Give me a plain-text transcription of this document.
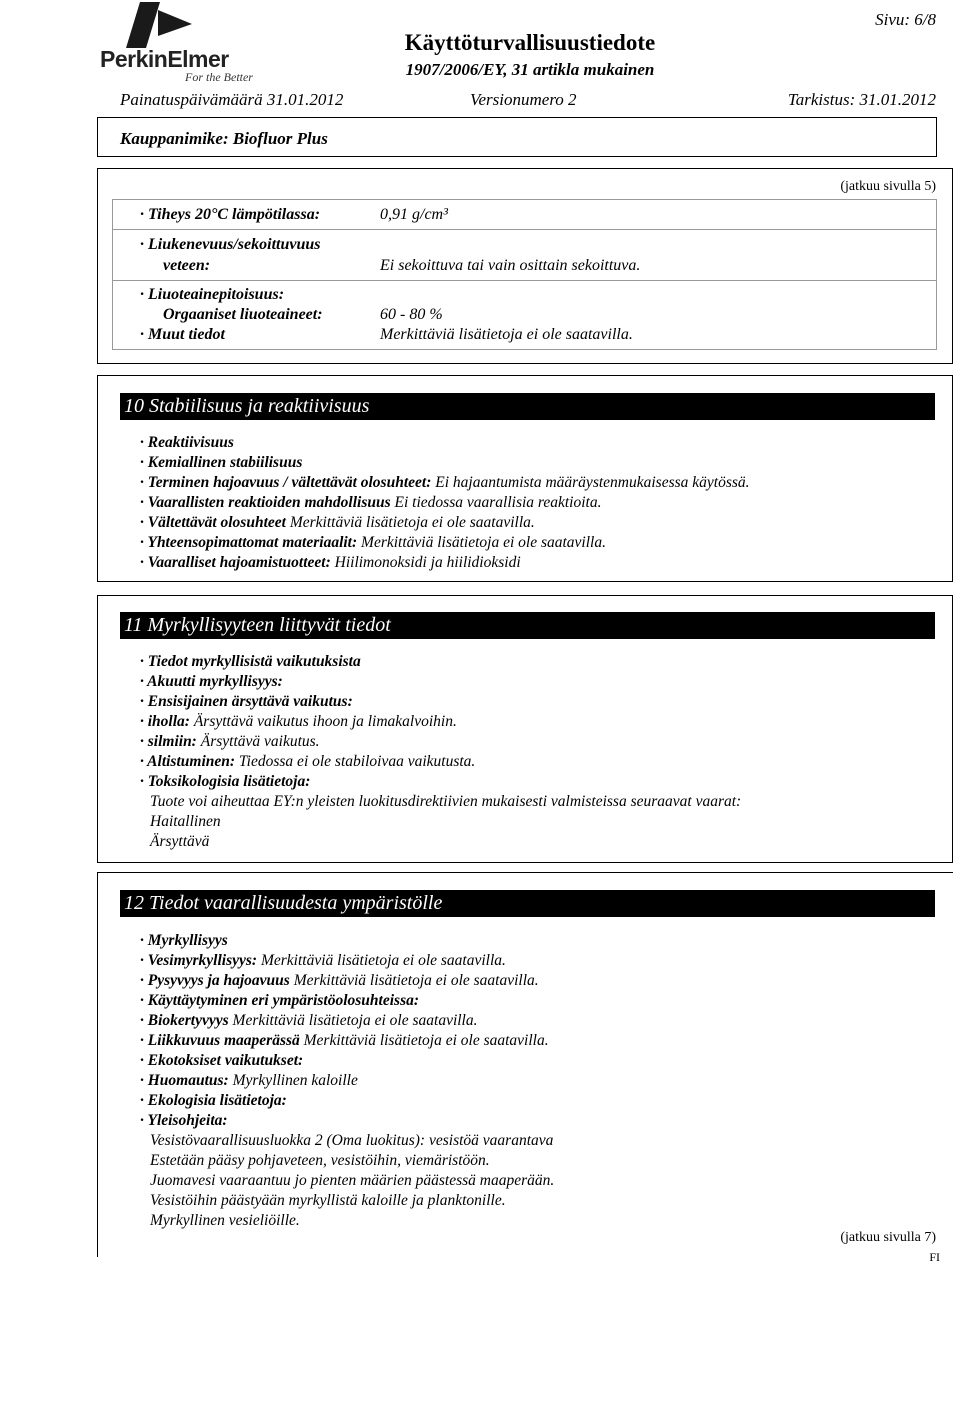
PerkinElmer
For the Better
Sivu: 6/8
Käyttöturvallisuustiedote
1907/2006/EY, 31 artikla mukainen
Painatuspäivämäärä 31.01.2012	Versionumero 2	Tarkistus: 31.01.2012
Kauppanimike: Biofluor Plus
(jatkuu sivulla 5)
· Tiheys 20°C lämpötilassa:	0,91 g/cm³
· Liukenevuus/sekoittuvuus
veteen:	Ei sekoittuva tai vain osittain sekoittuva.
· Liuoteainepitoisuus:
Orgaaniset liuoteaineet:	60 - 80 %
· Muut tiedot	Merkittäviä lisätietoja ei ole saatavilla.
10 Stabiilisuus ja reaktiivisuus
· Reaktiivisuus
· Kemiallinen stabiilisuus
· Terminen hajoavuus / vältettävät olosuhteet: Ei hajaantumista määräystenmukaisessa käytössä.
· Vaarallisten reaktioiden mahdollisuus Ei tiedossa vaarallisia reaktioita.
· Vältettävät olosuhteet Merkittäviä lisätietoja ei ole saatavilla.
· Yhteensopimattomat materiaalit: Merkittäviä lisätietoja ei ole saatavilla.
· Vaaralliset hajoamistuotteet: Hiilimonoksidi ja hiilidioksidi
11 Myrkyllisyyteen liittyvät tiedot
· Tiedot myrkyllisistä vaikutuksista
· Akuutti myrkyllisyys:
· Ensisijainen ärsyttävä vaikutus:
· iholla: Ärsyttävä vaikutus ihoon ja limakalvoihin.
· silmiin: Ärsyttävä vaikutus.
· Altistuminen: Tiedossa ei ole stabiloivaa vaikutusta.
· Toksikologisia lisätietoja:
Tuote voi aiheuttaa EY:n yleisten luokitusdirektiivien mukaisesti valmisteissa seuraavat vaarat:
Haitallinen
Ärsyttävä
12 Tiedot vaarallisuudesta ympäristölle
· Myrkyllisyys
· Vesimyrkyllisyys: Merkittäviä lisätietoja ei ole saatavilla.
· Pysyvyys ja hajoavuus Merkittäviä lisätietoja ei ole saatavilla.
· Käyttäytyminen eri ympäristöolosuhteissa:
· Biokertyvyys Merkittäviä lisätietoja ei ole saatavilla.
· Liikkuvuus maaperässä Merkittäviä lisätietoja ei ole saatavilla.
· Ekotoksiset vaikutukset:
· Huomautus: Myrkyllinen kaloille
· Ekologisia lisätietoja:
· Yleisohjeita:
Vesistövaarallisuusluokka 2 (Oma luokitus): vesistöä vaarantava
Estetään pääsy pohjaveteen, vesistöihin, viemäristöön.
Juomavesi vaaraantuu jo pienten määrien päästessä maaperään.
Vesistöihin päästyään myrkyllistä kaloille ja planktonille.
Myrkyllinen vesieliöille.
(jatkuu sivulla 7)
FI
